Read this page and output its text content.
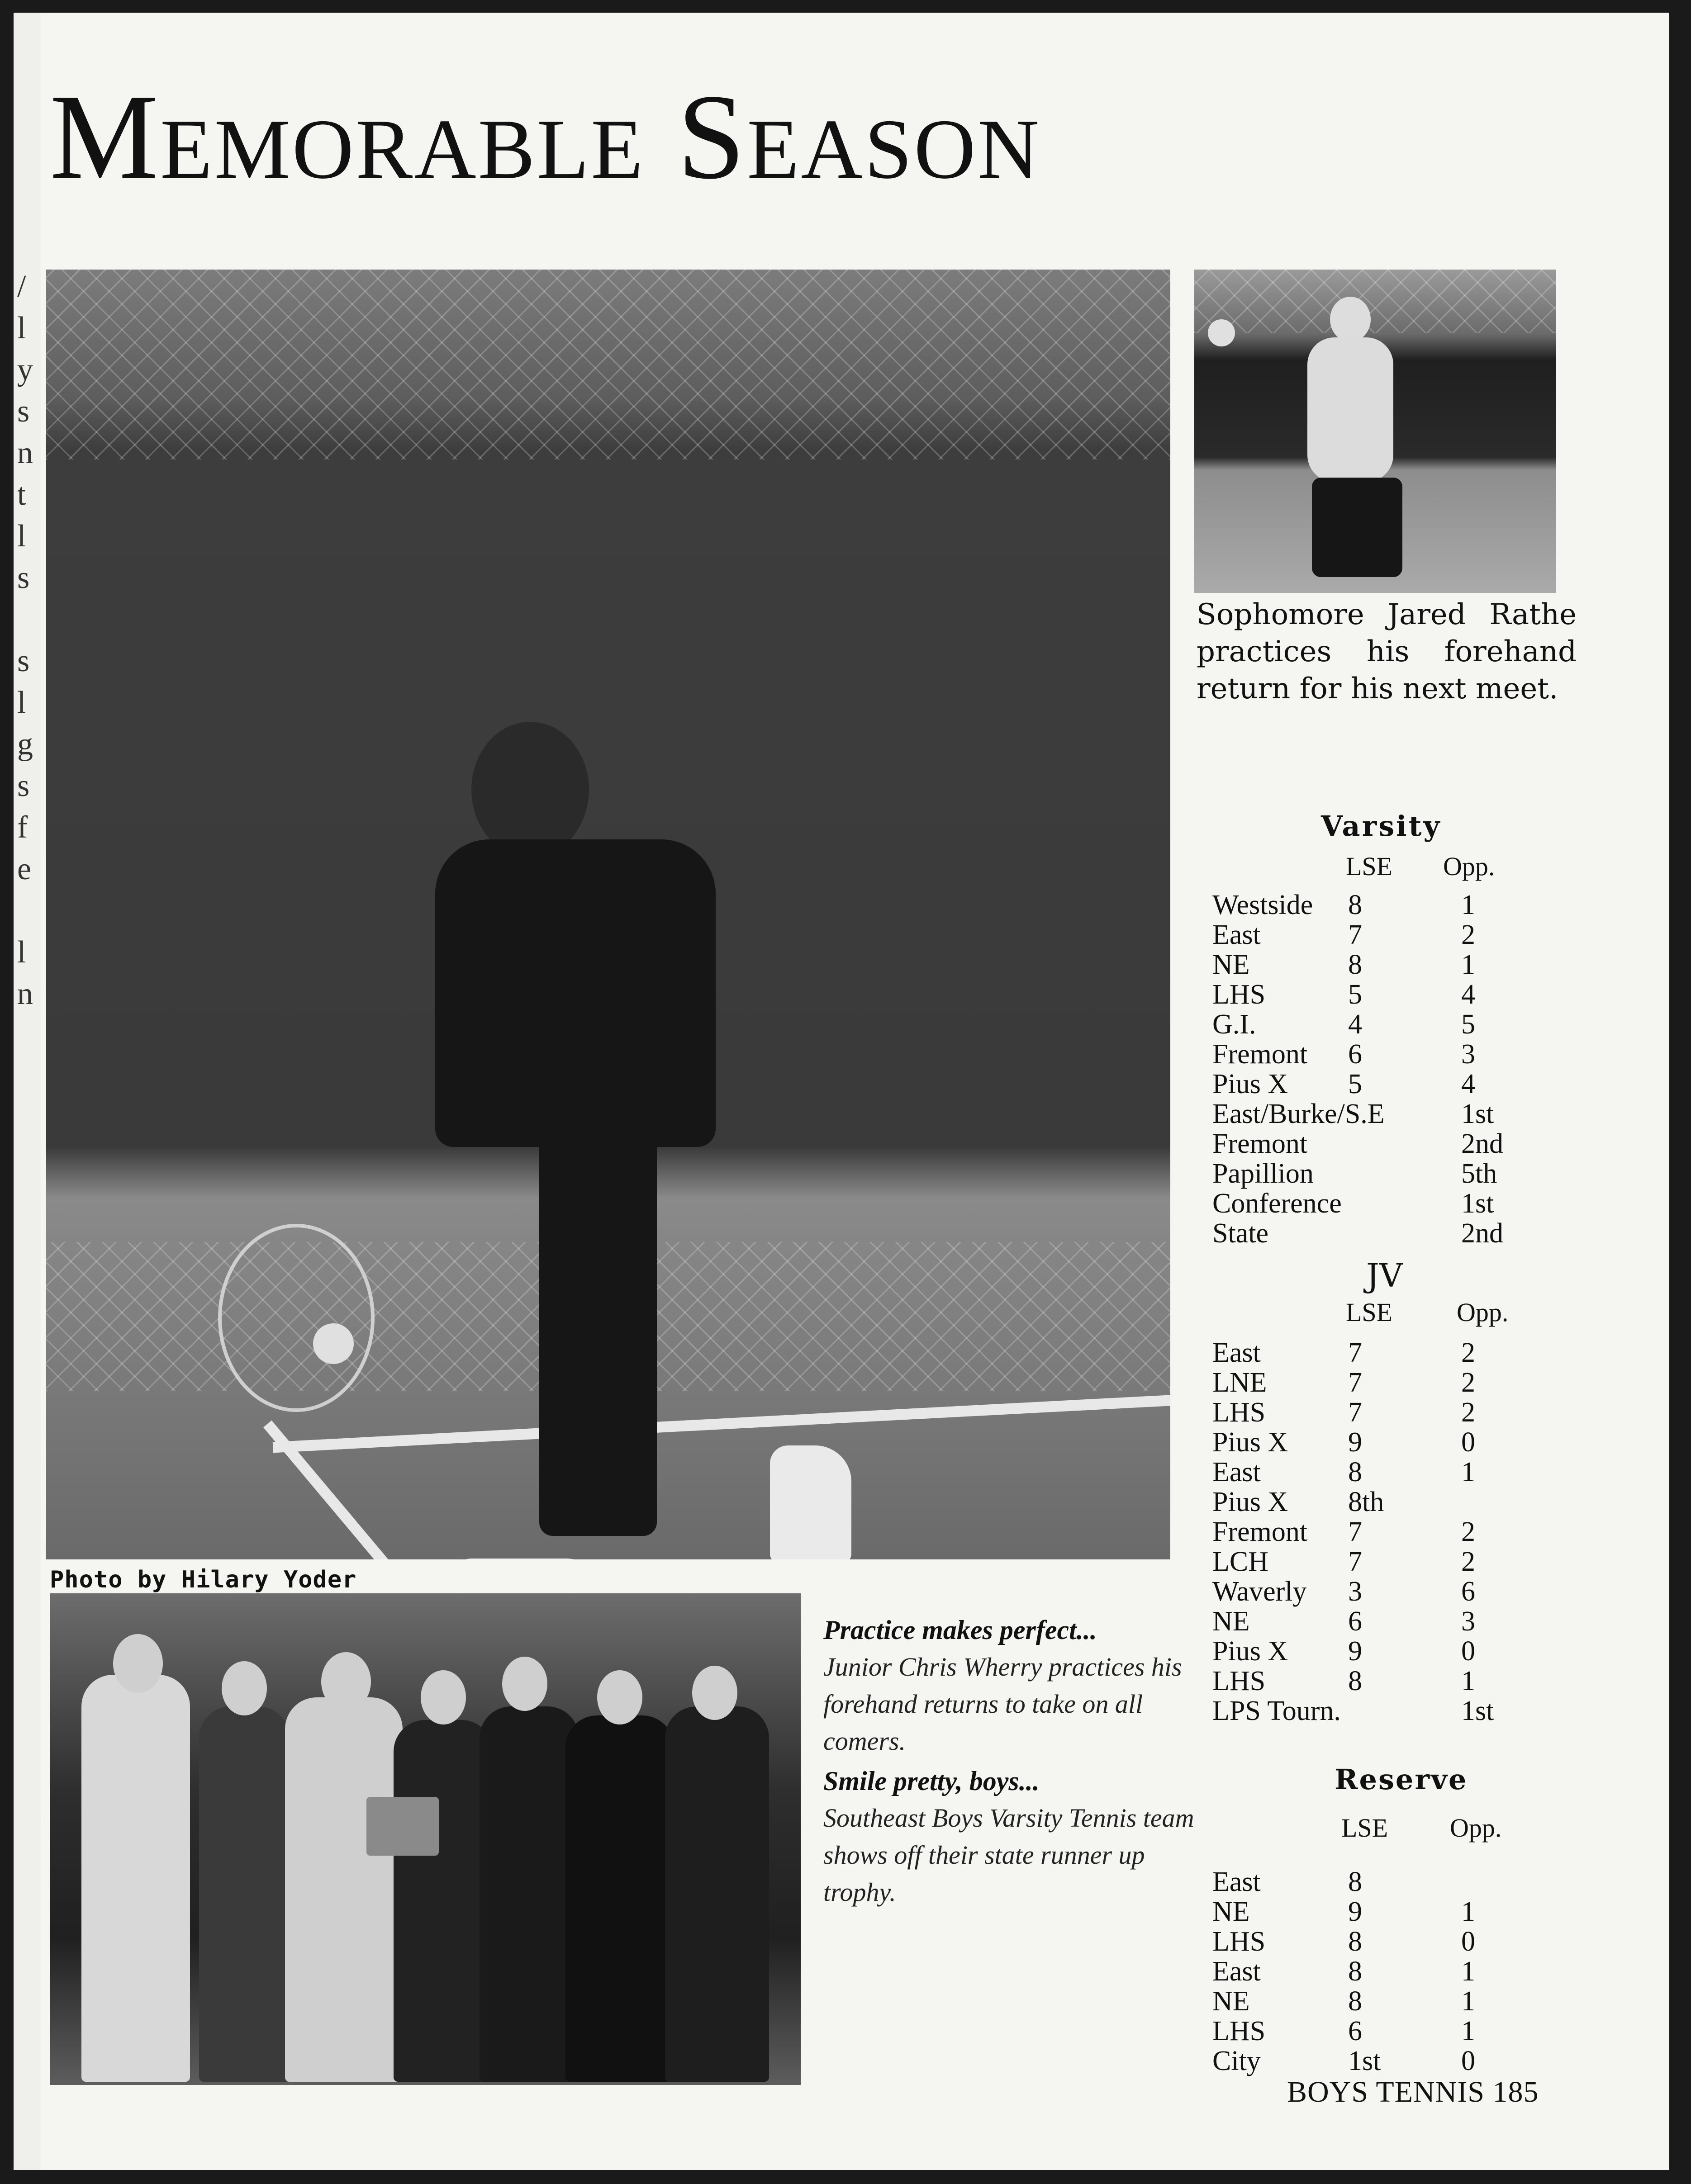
/
l
y
s
n
t
l
s
s
l
g
s
f
e
l
n
Memorable Season
Sophomore Jared Rathe practices his forehand return for his next meet.
Photo by Hilary Yoder
Practice makes perfect...
Junior Chris Wherry practices his forehand returns to take on all comers.
Smile pretty, boys...
Southeast Boys Varsity Tennis team shows off their state runner up trophy.
Varsity
LSE Opp.
Westside 8	1
East	7	2
NE	8	1
LHS	5	4
G.I.	4	5
Fremont 6	3
Pius X 5	4
East/Burke/S.E	1st
Fremont	2nd
Papillion	5th
Conference	1st
State	2nd
JV
LSE Opp.
East	7	2
LNE	7	2
LHS	7	2
Pius X 9	0
East	8	1
Pius X 8th
Fremont 7	2
LCH	7	2
Waverly 3	6
NE	6	3
Pius X 9	0
LHS	8	1
LPS Tourn.	1st
Reserve
LSE Opp.
East	8
NE	9	1
LHS	8	0
East	8	1
NE	8	1
LHS	6	1
City	1st	0
BOYS TENNIS 185
